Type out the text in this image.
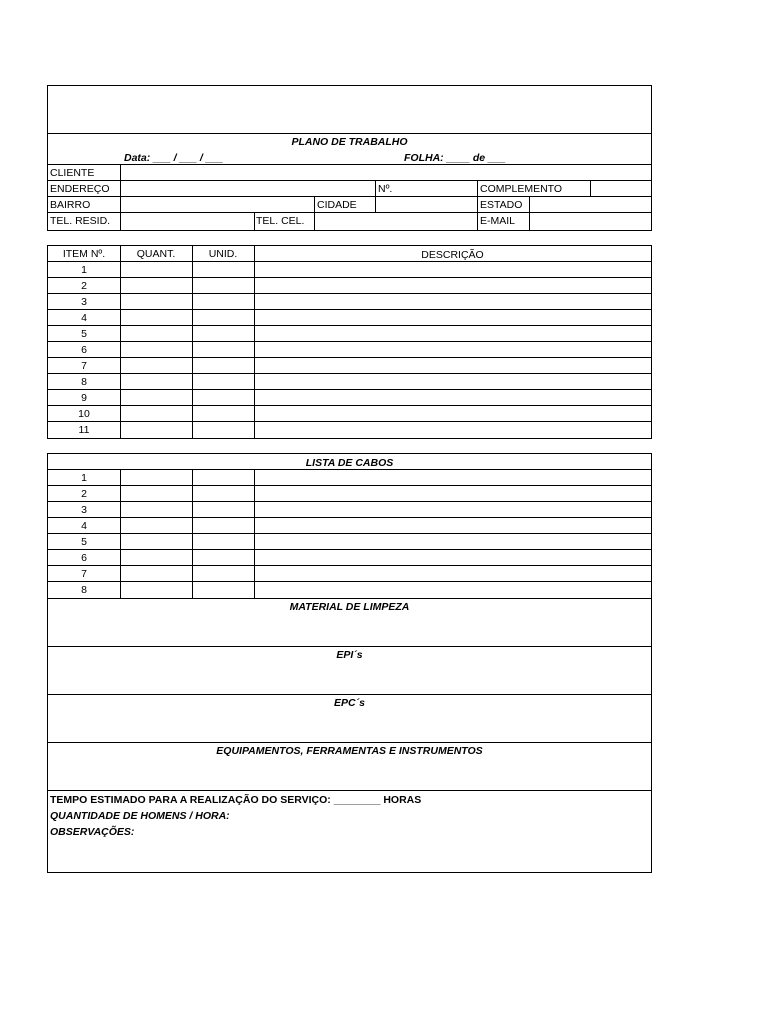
PLANO DE TRABALHO
Data: ___ / ___ / ___	FOLHA: ____ de ___
CLIENTE
ENDEREÇO	Nº.	COMPLEMENTO
BAIRRO	CIDADE	ESTADO
TEL. RESID.	TEL. CEL.	E-MAIL
ITEM Nº.	QUANT.	UNID.	DESCRIÇÃO
1
2
3
4
5
6
7
8
9
10
11
LISTA DE CABOS
1
2
3
4
5
6
7
8
MATERIAL DE LIMPEZA
EPI´s
EPC´s
EQUIPAMENTOS, FERRAMENTAS E INSTRUMENTOS
TEMPO ESTIMADO PARA A REALIZAÇÃO DO SERVIÇO: ________ HORAS
QUANTIDADE DE HOMENS / HORA:
OBSERVAÇÕES:
